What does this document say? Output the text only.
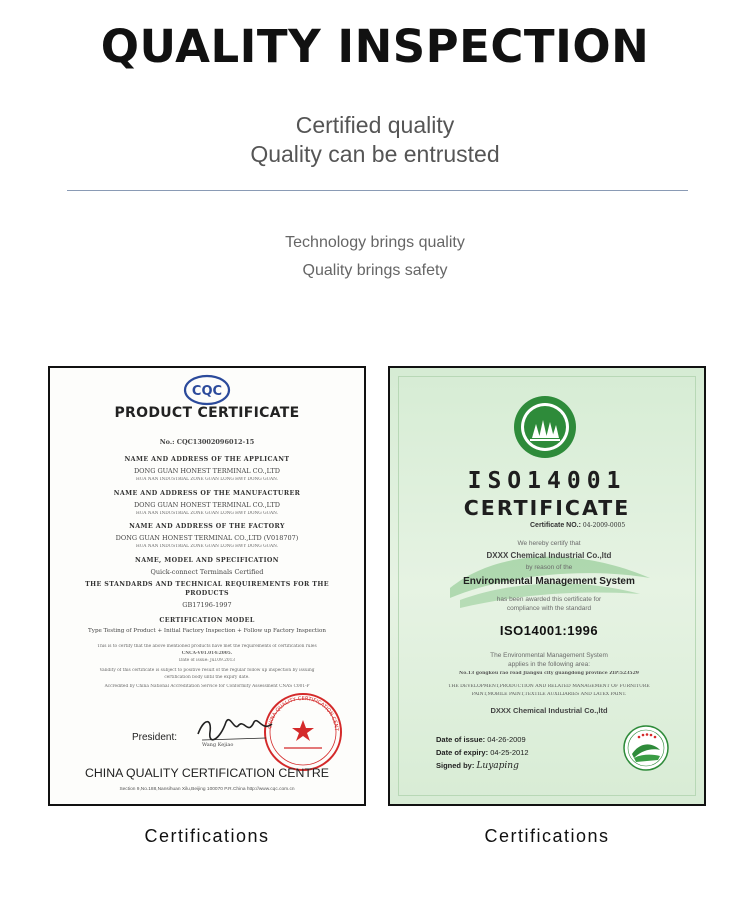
QUALITY INSPECTION
Certified quality
Quality can be entrusted
Technology brings quality
Quality brings safety
CQC
PRODUCT CERTIFICATE
No.: CQC13002096012-15
NAME AND ADDRESS OF THE APPLICANT
DONG GUAN HONEST TERMINAL CO.,LTD
HUA NAN INDUSTRIAL ZONE GUAN LONG HWY DONG GUAN.
NAME AND ADDRESS OF THE MANUFACTURER
DONG GUAN HONEST TERMINAL CO.,LTD
HUA NAN INDUSTRIAL ZONE GUAN LONG HWY DONG GUAN.
NAME AND ADDRESS OF THE FACTORY
DONG GUAN HONEST TERMINAL CO.,LTD (V018707)
HUA NAN INDUSTRIAL ZONE GUAN LONG HWY DONG GUAN.
NAME, MODEL AND SPECIFICATION
Quick-connect Terminals Certified
THE STANDARDS AND TECHNICAL REQUIREMENTS FOR THE
PRODUCTS
GB17196-1997
CERTIFICATION MODEL
Type Testing of Product + Initial Factory Inspection + Follow up Factory Inspection
This is to certify that the above mentioned products have met the requirements of certification rules
CNCA-V01.014:2005.
Date of issue: Jul.09.2013
Validity of this certificate is subject to positive result of the regular follow up inspection by issuing
certification body until the expiry date.
Accredited by China National Accreditation Service for Conformity Assessment CNAS C001-P
CHINA QUALITY CERTIFICATION CENT
President:
Wang Kejiao
CHINA QUALITY CERTIFICATION CENTRE
Section 9,No.188,Nansihuan Xilu,Beijing 100070 P.R.China http://www.cqc.com.cn
Certifications
ISO14001
CERTIFICATE
Certificate NO.: 04-2009-0005
We hereby certify that
DXXX Chemical Industrial Co.,ltd
by reason of the
Environmental Management System
has been awarded this certificate for
compliance with the standard
ISO14001:1996
The Environmental Management System
applies in the following area:
No.13 gongkou rao road Jiangsu city guangdong province ZIP:523529
THE DEVELOPMENT,PRODUCTION AND RELATED MANAGEMENT OF FURNITURE
PAINT,MOBILE PAINT,TEXTILE AUXILIARIES AND LATEX PAINT.
DXXX Chemical Industrial Co.,ltd
Date of issue: 04-26-2009
Date of expiry: 04-25-2012
Signed by: Luyaping
Certifications
